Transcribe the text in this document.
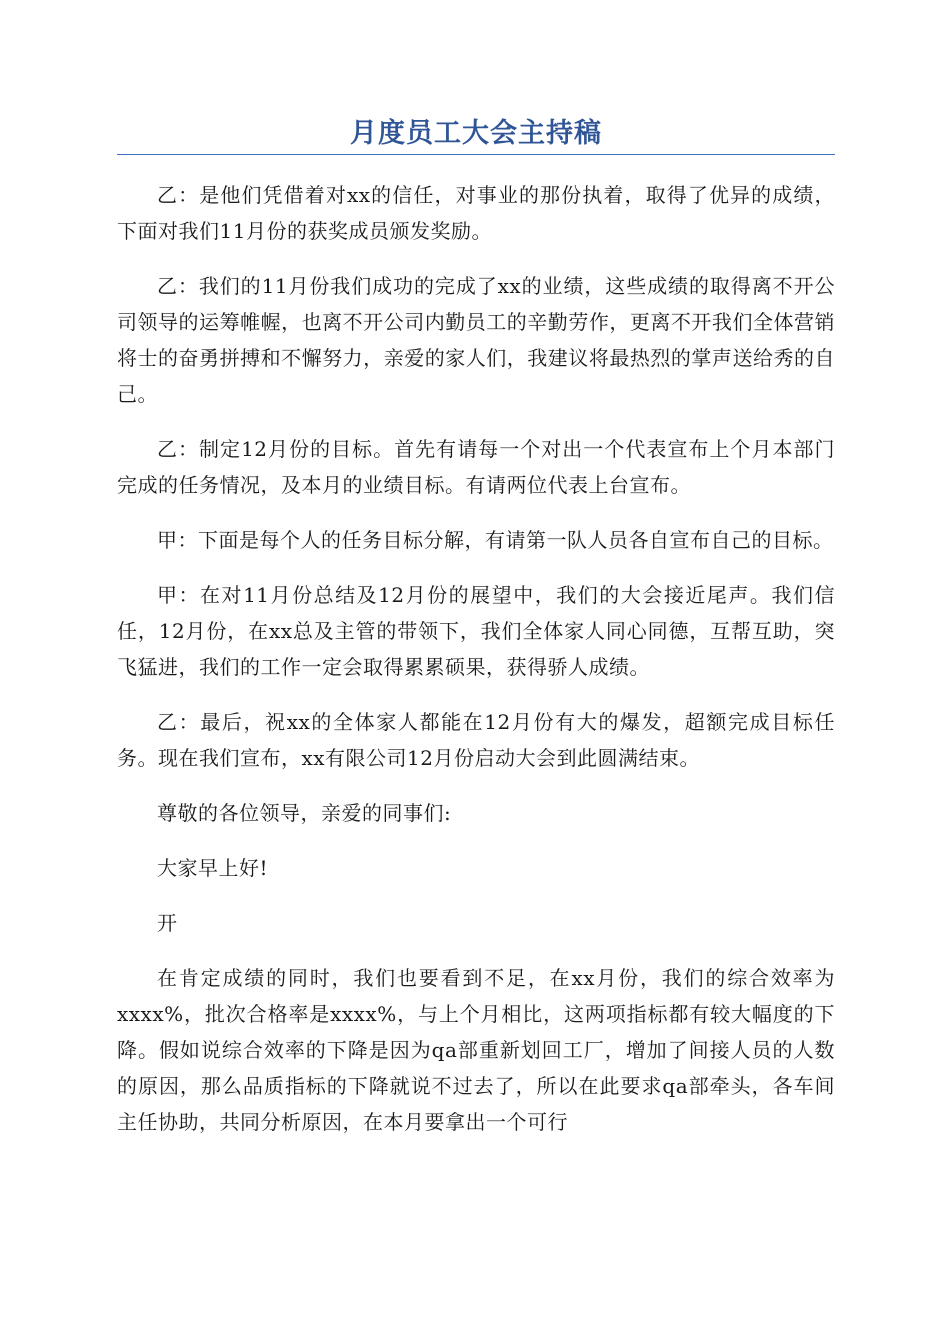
月度员工大会主持稿

乙：是他们凭借着对xx的信任，对事业的那份执着，取得了优异的成绩，下面对我们11月份的获奖成员颁发奖励。

乙：我们的11月份我们成功的完成了xx的业绩，这些成绩的取得离不开公司领导的运筹帷幄，也离不开公司内勤员工的辛勤劳作，更离不开我们全体营销将士的奋勇拼搏和不懈努力，亲爱的家人们，我建议将最热烈的掌声送给秀的自己。

乙：制定12月份的目标。首先有请每一个对出一个代表宣布上个月本部门完成的任务情况，及本月的业绩目标。有请两位代表上台宣布。

甲：下面是每个人的任务目标分解，有请第一队人员各自宣布自己的目标。

甲：在对11月份总结及12月份的展望中，我们的大会接近尾声。我们信任，12月份，在xx总及主管的带领下，我们全体家人同心同德，互帮互助，突飞猛进，我们的工作一定会取得累累硕果，获得骄人成绩。

乙：最后，祝xx的全体家人都能在12月份有大的爆发，超额完成目标任务。现在我们宣布，xx有限公司12月份启动大会到此圆满结束。

尊敬的各位领导，亲爱的同事们:

大家早上好!

开

在肯定成绩的同时，我们也要看到不足，在xx月份，我们的综合效率为xxxx%，批次合格率是xxxx%，与上个月相比，这两项指标都有较大幅度的下降。假如说综合效率的下降是因为qa部重新划回工厂，增加了间接人员的人数的原因，那么品质指标的下降就说不过去了，所以在此要求qa部牵头，各车间主任协助，共同分析原因，在本月要拿出一个可行
